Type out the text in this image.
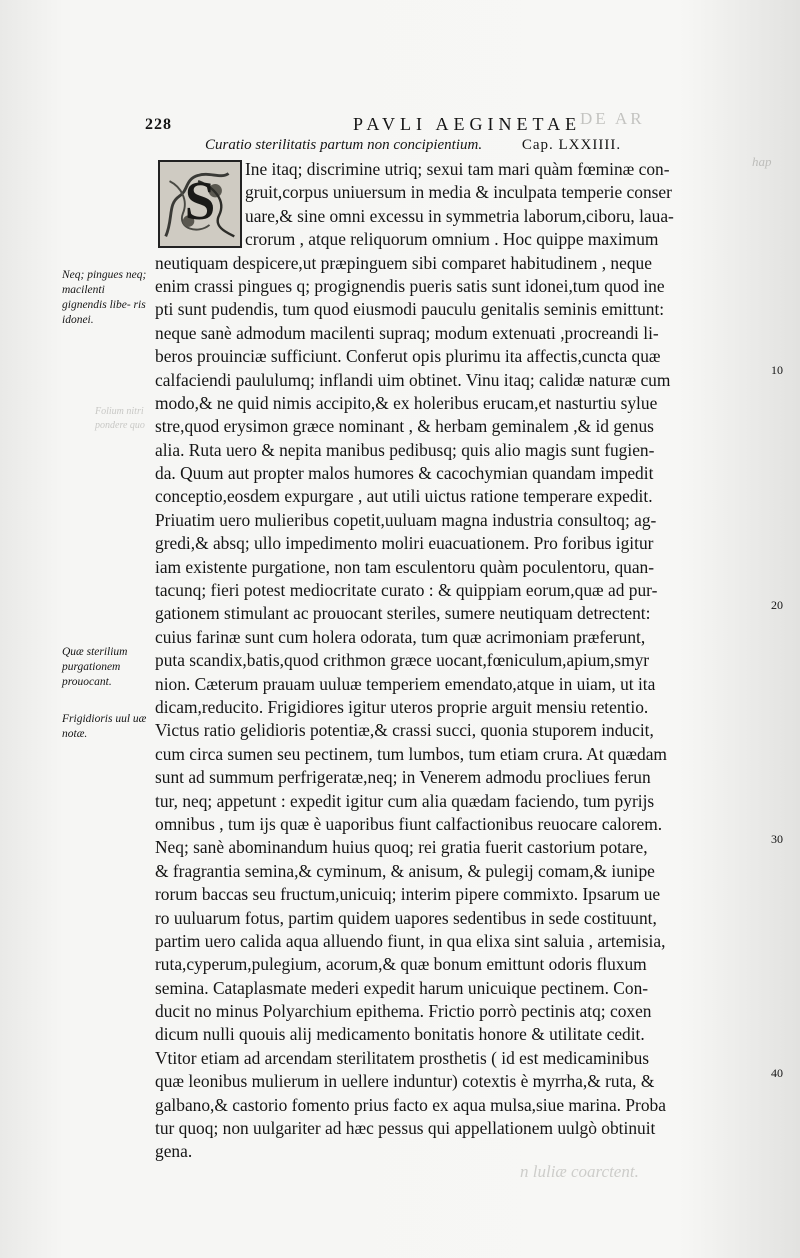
DE AR
Folium nitri pondere quo
hap
n luliæ coarctent.
228	PAVLI AEGINETAE
Curatio sterilitatis partum non concipientium.	Cap. LXXIIII.
Ine itaq; discrimine utriq; sexui tam mari quàm fœminæ con-
gruit,corpus uniuersum in media & inculpata temperie conser
uare,& sine omni excessu in symmetria laborum,ciboru, laua-
crorum , atque reliquorum omnium . Hoc quippe maximum
neutiquam despicere,ut præpinguem sibi comparet habitudinem , neque
enim crassi pingues q; progignendis pueris satis sunt idonei,tum quod ine
pti sunt pudendis, tum quod eiusmodi pauculu genitalis seminis emittunt:
neque sanè admodum macilenti supraq; modum extenuati ,procreandi li-
beros prouinciæ sufficiunt. Conferut opis plurimu ita affectis,cuncta quæ
calfaciendi paululumq; inflandi uim obtinet. Vinu itaq; calidæ naturæ cum
modo,& ne quid nimis accipito,& ex holeribus erucam,et nasturtiu sylue
stre,quod erysimon græce nominant , & herbam geminalem ,& id genus
alia. Ruta uero & nepita manibus pedibusq; quis alio magis sunt fugien-
da. Quum aut propter malos humores & cacochymian quandam impedit
conceptio,eosdem expurgare , aut utili uictus ratione temperare expedit.
Priuatim uero mulieribus copetit,uuluam magna industria consultoq; ag-
gredi,& absq; ullo impedimento moliri euacuationem. Pro foribus igitur
iam existente purgatione, non tam esculentoru quàm poculentoru, quan-
tacunq; fieri potest mediocritate curato : & quippiam eorum,quæ ad pur-
gationem stimulant ac prouocant steriles, sumere neutiquam detrectent:
cuius farinæ sunt cum holera odorata, tum quæ acrimoniam præferunt,
puta scandix,batis,quod crithmon græce uocant,fœniculum,apium,smyr
nion. Cæterum prauam uuluæ temperiem emendato,atque in uiam, ut ita
dicam,reducito. Frigidiores igitur uteros proprie arguit mensiu retentio.
Victus ratio gelidioris potentiæ,& crassi succi, quonia stuporem inducit,
cum circa sumen seu pectinem, tum lumbos, tum etiam crura. At quædam
sunt ad summum perfrigeratæ,neq; in Venerem admodu procliues ferun
tur, neq; appetunt : expedit igitur cum alia quædam faciendo, tum pyrijs
omnibus , tum ijs quæ è uaporibus fiunt calfactionibus reuocare calorem.
Neq; sanè abominandum huius quoq; rei gratia fuerit castorium potare,
& fragrantia semina,& cyminum, & anisum, & pulegij comam,& iunipe
rorum baccas seu fructum,unicuiq; interim pipere commixto. Ipsarum ue
ro uuluarum fotus, partim quidem uapores sedentibus in sede costituunt,
partim uero calida aqua alluendo fiunt, in qua elixa sint saluia , artemisia,
ruta,cyperum,pulegium, acorum,& quæ bonum emittunt odoris fluxum
semina. Cataplasmate mederi expedit harum unicuique pectinem. Con-
ducit no minus Polyarchium epithema. Frictio porrò pectinis atq; coxen
dicum nulli quouis alij medicamento bonitatis honore & utilitate cedit.
Vtitor etiam ad arcendam sterilitatem prosthetis ( id est medicaminibus
quæ leonibus mulierum in uellere induntur) cotextis è myrrha,& ruta, &
galbano,& castorio fomento prius facto ex aqua mulsa,siue marina. Proba
tur quoq; non uulgariter ad hæc pessus qui appellationem uulgò obtinuit
gena.
S
Neq; pingues neq; macilenti gignendis libe- ris idonei.
Quæ sterilium purgationem prouocant.
Frigidioris uul uæ notæ.
10
20
30
40
